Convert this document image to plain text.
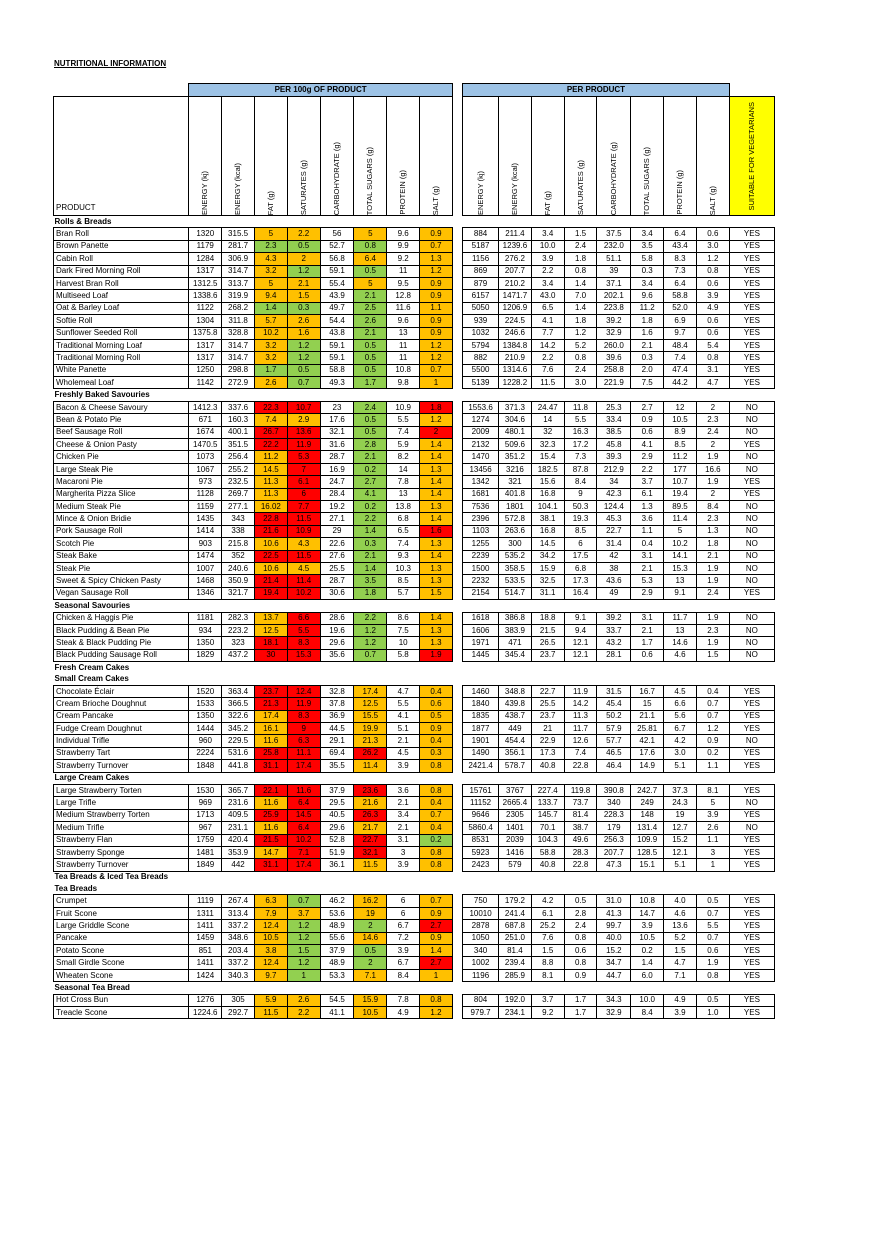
NUTRITIONAL INFORMATION
	PER 100g OF PRODUCT									PER PRODUCT								
PRODUCT	ENERGY (kj)	ENERGY (kcal)	FAT (g)	SATURATES (g)	CARBOHYDRATE (g)	TOTAL SUGARS (g)	PROTEIN (g)	SALT (g)		ENERGY (kj)	ENERGY (kcal)	FAT (g)	SATURATES (g)	CARBOHYDRATE (g)	TOTAL SUGARS (g)	PROTEIN (g)	SALT (g)	SUITABLE FOR VEGETARIANS

Rolls & Breads																		
Bran Roll	1320	315.5	5	2.2	56	5	9.6	0.9		884	211.4	3.4	1.5	37.5	3.4	6.4	0.6	YES
Brown Panette	1179	281.7	2.3	0.5	52.7	0.8	9.9	0.7		5187	1239.6	10.0	2.4	232.0	3.5	43.4	3.0	YES
Cabin Roll	1284	306.9	4.3	2	56.8	6.4	9.2	1.3		1156	276.2	3.9	1.8	51.1	5.8	8.3	1.2	YES
Dark Fired Morning Roll	1317	314.7	3.2	1.2	59.1	0.5	11	1.2		869	207.7	2.2	0.8	39	0.3	7.3	0.8	YES
Harvest Bran Roll	1312.5	313.7	5	2.1	55.4	5	9.5	0.9		879	210.2	3.4	1.4	37.1	3.4	6.4	0.6	YES
Multiseed Loaf	1338.6	319.9	9.4	1.5	43.9	2.1	12.8	0.9		6157	1471.7	43.0	7.0	202.1	9.6	58.8	3.9	YES
Oat & Barley Loaf	1122	268.2	1.4	0.3	49.7	2.5	11.6	1.1		5050	1206.9	6.5	1.4	223.8	11.2	52.0	4.9	YES
Softie Roll	1304	311.8	5.7	2.6	54.4	2.6	9.6	0.9		939	224.5	4.1	1.8	39.2	1.8	6.9	0.6	YES
Sunflower Seeded Roll	1375.8	328.8	10.2	1.6	43.8	2.1	13	0.9		1032	246.6	7.7	1.2	32.9	1.6	9.7	0.6	YES
Traditional Morning Loaf	1317	314.7	3.2	1.2	59.1	0.5	11	1.2		5794	1384.8	14.2	5.2	260.0	2.1	48.4	5.4	YES
Traditional Morning Roll	1317	314.7	3.2	1.2	59.1	0.5	11	1.2		882	210.9	2.2	0.8	39.6	0.3	7.4	0.8	YES
White Panette	1250	298.8	1.7	0.5	58.8	0.5	10.8	0.7		5500	1314.6	7.6	2.4	258.8	2.0	47.4	3.1	YES
Wholemeal Loaf	1142	272.9	2.6	0.7	49.3	1.7	9.8	1		5139	1228.2	11.5	3.0	221.9	7.5	44.2	4.7	YES
Freshly Baked Savouries																		
Bacon & Cheese Savoury	1412.3	337.6	22.3	10.7	23	2.4	10.9	1.8		1553.6	371.3	24.47	11.8	25.3	2.7	12	2	NO
Bean & Potato Pie	671	160.3	7.4	2.9	17.6	0.5	5.5	1.2		1274	304.6	14	5.5	33.4	0.9	10.5	2.3	NO
Beef Sausage Roll	1674	400.1	26.7	13.6	32.1	0.5	7.4	2		2009	480.1	32	16.3	38.5	0.6	8.9	2.4	NO
Cheese & Onion Pasty	1470.5	351.5	22.2	11.9	31.6	2.8	5.9	1.4		2132	509.6	32.3	17.2	45.8	4.1	8.5	2	YES
Chicken Pie	1073	256.4	11.2	5.3	28.7	2.1	8.2	1.4		1470	351.2	15.4	7.3	39.3	2.9	11.2	1.9	NO
Large Steak Pie	1067	255.2	14.5	7	16.9	0.2	14	1.3		13456	3216	182.5	87.8	212.9	2.2	177	16.6	NO
Macaroni Pie	973	232.5	11.3	6.1	24.7	2.7	7.8	1.4		1342	321	15.6	8.4	34	3.7	10.7	1.9	YES
Margherita Pizza Slice	1128	269.7	11.3	6	28.4	4.1	13	1.4		1681	401.8	16.8	9	42.3	6.1	19.4	2	YES
Medium Steak Pie	1159	277.1	16.02	7.7	19.2	0.2	13.8	1.3		7536	1801	104.1	50.3	124.4	1.3	89.5	8.4	NO
Mince & Onion Bridie	1435	343	22.8	11.5	27.1	2.2	6.8	1.4		2396	572.8	38.1	19.3	45.3	3.6	11.4	2.3	NO
Pork Sausage Roll	1414	338	21.6	10.9	29	1.4	6.5	1.6		1103	263.6	16.8	8.5	22.7	1.1	5	1.3	NO
Scotch Pie	903	215.8	10.6	4.3	22.6	0.3	7.4	1.3		1255	300	14.5	6	31.4	0.4	10.2	1.8	NO
Steak Bake	1474	352	22.5	11.5	27.6	2.1	9.3	1.4		2239	535.2	34.2	17.5	42	3.1	14.1	2.1	NO
Steak Pie	1007	240.6	10.6	4.5	25.5	1.4	10.3	1.3		1500	358.5	15.9	6.8	38	2.1	15.3	1.9	NO
Sweet & Spicy Chicken Pasty	1468	350.9	21.4	11.4	28.7	3.5	8.5	1.3		2232	533.5	32.5	17.3	43.6	5.3	13	1.9	NO
Vegan Sausage Roll	1346	321.7	19.4	10.2	30.6	1.8	5.7	1.5		2154	514.7	31.1	16.4	49	2.9	9.1	2.4	YES
Seasonal Savouries																		
Chicken & Haggis Pie	1181	282.3	13.7	6.6	28.6	2.2	8.6	1.4		1618	386.8	18.8	9.1	39.2	3.1	11.7	1.9	NO
Black Pudding & Bean Pie	934	223.2	12.5	5.5	19.6	1.2	7.5	1.3		1606	383.9	21.5	9.4	33.7	2.1	13	2.3	NO
Steak & Black Pudding Pie	1350	323	18.1	8.3	29.6	1.2	10	1.3		1971	471	26.5	12.1	43.2	1.7	14.6	1.9	NO
Black Pudding Sausage Roll	1829	437.2	30	15.3	35.6	0.7	5.8	1.9		1445	345.4	23.7	12.1	28.1	0.6	4.6	1.5	NO
Fresh Cream Cakes																		
Small Cream Cakes																		
Chocolate Éclair	1520	363.4	23.7	12.4	32.8	17.4	4.7	0.4		1460	348.8	22.7	11.9	31.5	16.7	4.5	0.4	YES
Cream Brioche Doughnut	1533	366.5	21.3	11.9	37.8	12.5	5.5	0.6		1840	439.8	25.5	14.2	45.4	15	6.6	0.7	YES
Cream Pancake	1350	322.6	17.4	8.3	36.9	15.5	4.1	0.5		1835	438.7	23.7	11.3	50.2	21.1	5.6	0.7	YES
Fudge Cream Doughnut	1444	345.2	16.1	9	44.5	19.9	5.1	0.9		1877	449	21	11.7	57.9	25.81	6.7	1.2	YES
Individual Trifle	960	229.5	11.6	6.3	29.1	21.3	2.1	0.4		1901	454.4	22.9	12.6	57.7	42.1	4.2	0.9	NO
Strawberry Tart	2224	531.6	25.8	11.1	69.4	26.2	4.5	0.3		1490	356.1	17.3	7.4	46.5	17.6	3.0	0.2	YES
Strawberry Turnover	1848	441.8	31.1	17.4	35.5	11.4	3.9	0.8		2421.4	578.7	40.8	22.8	46.4	14.9	5.1	1.1	YES
Large Cream Cakes																		
Large Strawberry Torten	1530	365.7	22.1	11.6	37.9	23.6	3.6	0.8		15761	3767	227.4	119.8	390.8	242.7	37.3	8.1	YES
Large Trifle	969	231.6	11.6	6.4	29.5	21.6	2.1	0.4		11152	2665.4	133.7	73.7	340	249	24.3	5	NO
Medium Strawberry Torten	1713	409.5	25.9	14.5	40.5	26.3	3.4	0.7		9646	2305	145.7	81.4	228.3	148	19	3.9	YES
Medium Trifle	967	231.1	11.6	6.4	29.6	21.7	2.1	0.4		5860.4	1401	70.1	38.7	179	131.4	12.7	2.6	NO
Strawberry Flan	1759	420.4	21.5	10.2	52.8	22.7	3.1	0.2		8531	2039	104.3	49.6	256.3	109.9	15.2	1.1	YES
Strawberry Sponge	1481	353.9	14.7	7.1	51.9	32.1	3	0.8		5923	1416	58.8	28.3	207.7	128.5	12.1	3	YES
Strawberry Turnover	1849	442	31.1	17.4	36.1	11.5	3.9	0.8		2423	579	40.8	22.8	47.3	15.1	5.1	1	YES
Tea Breads & Iced Tea Breads																		
Tea Breads																		
Crumpet	1119	267.4	6.3	0.7	46.2	16.2	6	0.7		750	179.2	4.2	0.5	31.0	10.8	4.0	0.5	YES
Fruit Scone	1311	313.4	7.9	3.7	53.6	19	6	0.9		10010	241.4	6.1	2.8	41.3	14.7	4.6	0.7	YES
Large Griddle Scone	1411	337.2	12.4	1.2	48.9	2	6.7	2.7		2878	687.8	25.2	2.4	99.7	3.9	13.6	5.5	YES
Pancake	1459	348.6	10.5	1.2	55.6	14.6	7.2	0.9		1050	251.0	7.6	0.8	40.0	10.5	5.2	0.7	YES
Potato Scone	851	203.4	3.8	1.5	37.9	0.5	3.9	1.4		340	81.4	1.5	0.6	15.2	0.2	1.5	0.6	YES
Small Girdle Scone	1411	337.2	12.4	1.2	48.9	2	6.7	2.7		1002	239.4	8.8	0.8	34.7	1.4	4.7	1.9	YES
Wheaten Scone	1424	340.3	9.7	1	53.3	7.1	8.4	1		1196	285.9	8.1	0.9	44.7	6.0	7.1	0.8	YES
Seasonal Tea Bread																		
Hot Cross Bun	1276	305	5.9	2.6	54.5	15.9	7.8	0.8		804	192.0	3.7	1.7	34.3	10.0	4.9	0.5	YES
Treacle Scone	1224.6	292.7	11.5	2.2	41.1	10.5	4.9	1.2		979.7	234.1	9.2	1.7	32.9	8.4	3.9	1.0	YES
